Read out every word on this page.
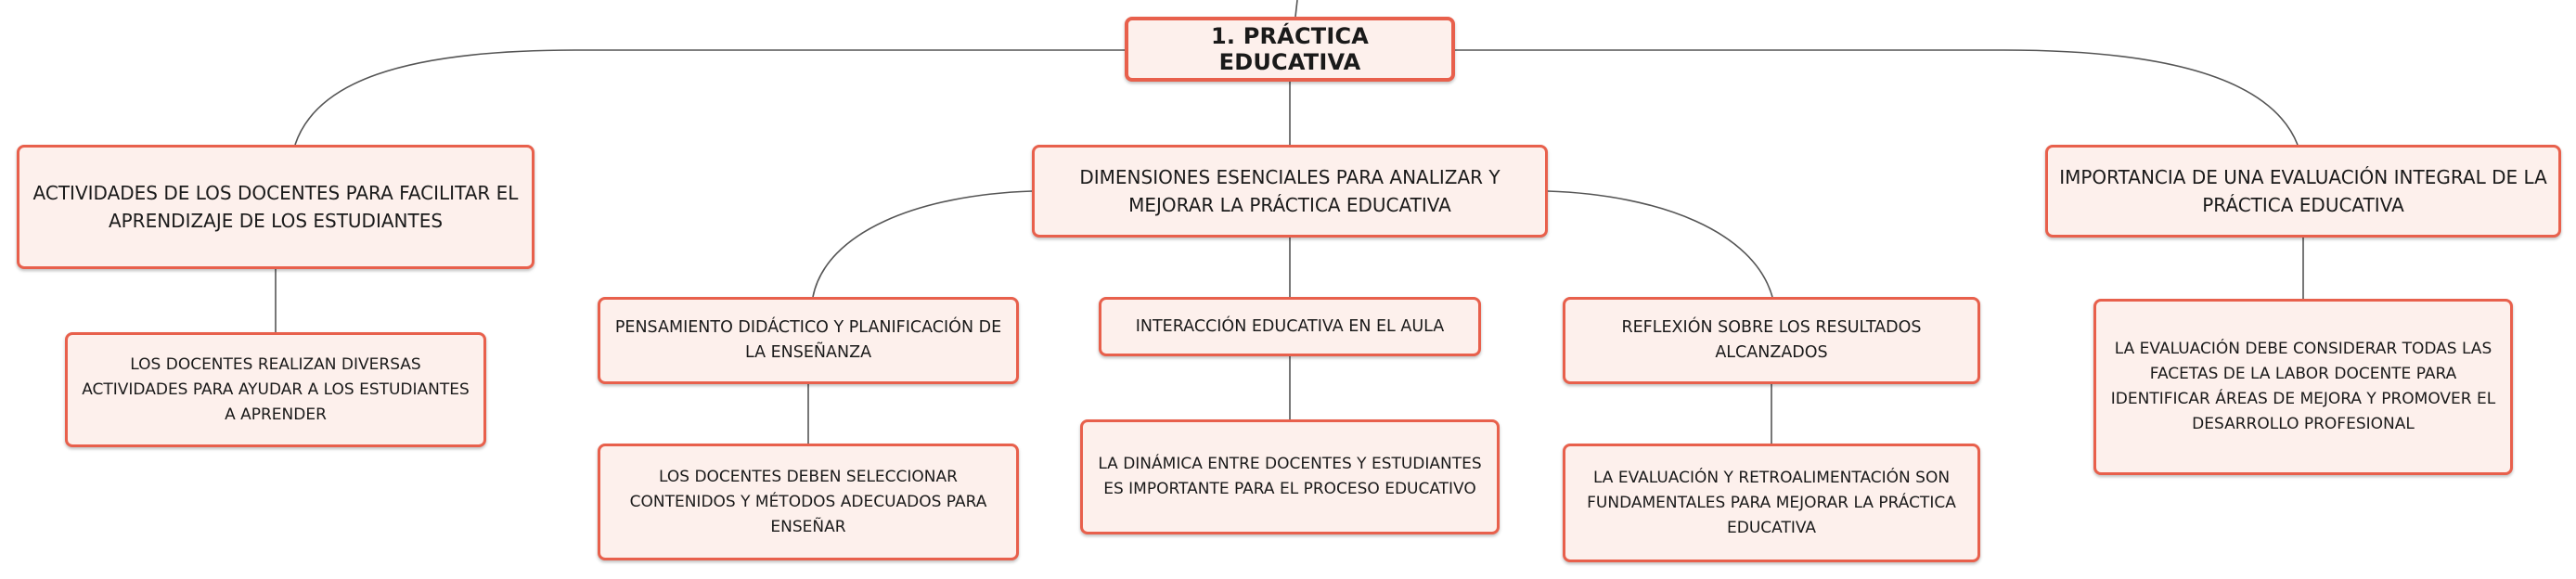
1. PRÁCTICA EDUCATIVA
ACTIVIDADES DE LOS DOCENTES PARA FACILITAR EL APRENDIZAJE DE LOS ESTUDIANTES
DIMENSIONES ESENCIALES PARA ANALIZAR Y MEJORAR LA PRÁCTICA EDUCATIVA
IMPORTANCIA DE UNA EVALUACIÓN INTEGRAL DE LA PRÁCTICA EDUCATIVA
LOS DOCENTES REALIZAN DIVERSAS ACTIVIDADES PARA AYUDAR A LOS ESTUDIANTES A APRENDER
PENSAMIENTO DIDÁCTICO Y PLANIFICACIÓN DE LA ENSEÑANZA
INTERACCIÓN EDUCATIVA EN EL AULA	REFLEXIÓN SOBRE LOS RESULTADOS ALCANZADOS
LOS DOCENTES DEBEN SELECCIONAR CONTENIDOS Y MÉTODOS ADECUADOS PARA ENSEÑAR
LA DINÁMICA ENTRE DOCENTES Y ESTUDIANTES ES IMPORTANTE PARA EL PROCESO EDUCATIVO
LA EVALUACIÓN Y RETROALIMENTACIÓN SON FUNDAMENTALES PARA MEJORAR LA PRÁCTICA EDUCATIVA
LA EVALUACIÓN DEBE CONSIDERAR TODAS LAS FACETAS DE LA LABOR DOCENTE PARA IDENTIFICAR ÁREAS DE MEJORA Y PROMOVER EL DESARROLLO PROFESIONAL
